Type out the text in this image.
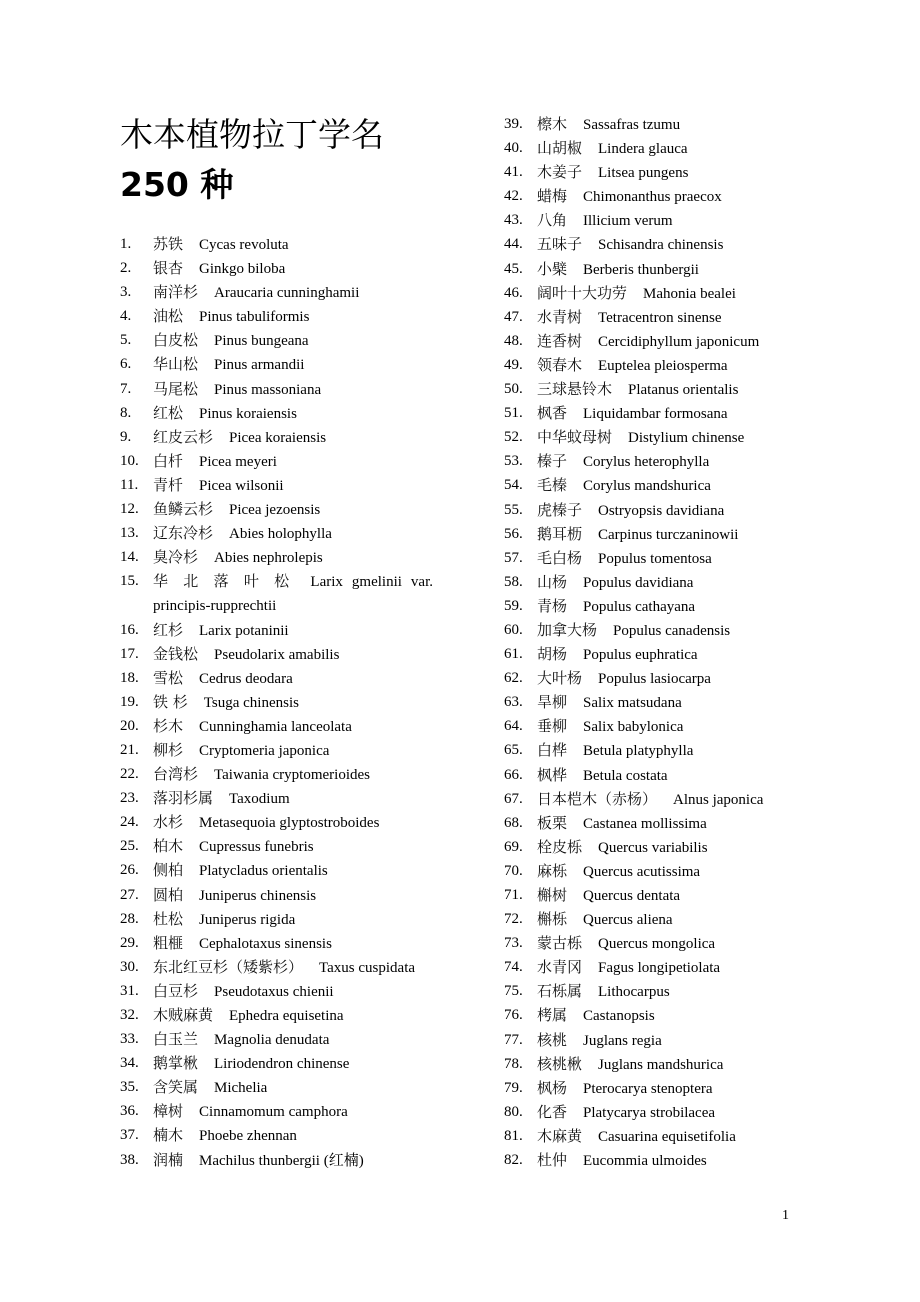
木本植物拉丁学名
250 种
1. 苏铁 Cycas revoluta
2. 银杏 Ginkgo biloba
3. 南洋杉 Araucaria cunninghamii
4. 油松 Pinus tabuliformis
5. 白皮松 Pinus bungeana
6. 华山松 Pinus armandii
7. 马尾松 Pinus massoniana
8. 红松 Pinus koraiensis
9. 红皮云杉 Picea koraiensis
10. 白杄 Picea meyeri
11. 青杄 Picea wilsonii
12. 鱼鳞云杉 Picea jezoensis
13. 辽东冷杉 Abies holophylla
14. 臭冷杉 Abies nephrolepis
15. 华 北 落 叶 松 Larix gmelinii var. principis-rupprechtii
16. 红杉 Larix potaninii
17. 金钱松 Pseudolarix amabilis
18. 雪松 Cedrus deodara
19. 铁 杉 Tsuga chinensis
20. 杉木 Cunninghamia lanceolata
21. 柳杉 Cryptomeria japonica
22. 台湾杉 Taiwania cryptomerioides
23. 落羽杉属 Taxodium
24. 水杉 Metasequoia glyptostroboides
25. 柏木 Cupressus funebris
26. 侧柏 Platycladus orientalis
27. 圆柏 Juniperus chinensis
28. 杜松 Juniperus rigida
29. 粗榧 Cephalotaxus sinensis
30. 东北红豆杉（矮紫杉） Taxus cuspidata
31. 白豆杉 Pseudotaxus chienii
32. 木贼麻黄 Ephedra equisetina
33. 白玉兰 Magnolia denudata
34. 鹅掌楸 Liriodendron chinense
35. 含笑属 Michelia
36. 樟树 Cinnamomum camphora
37. 楠木 Phoebe zhennan
38. 润楠 Machilus thunbergii (红楠)
39. 檫木 Sassafras tzumu
40. 山胡椒 Lindera glauca
41. 木姜子 Litsea pungens
42. 蜡梅 Chimonanthus praecox
43. 八角 Illicium verum
44. 五味子 Schisandra chinensis
45. 小檗 Berberis thunbergii
46. 阔叶十大功劳 Mahonia bealei
47. 水青树 Tetracentron sinense
48. 连香树 Cercidiphyllum japonicum
49. 领春木 Euptelea pleiosperma
50. 三球悬铃木 Platanus orientalis
51. 枫香 Liquidambar formosana
52. 中华蚊母树 Distylium chinense
53. 榛子 Corylus heterophylla
54. 毛榛 Corylus mandshurica
55. 虎榛子 Ostryopsis davidiana
56. 鹅耳枥 Carpinus turczaninowii
57. 毛白杨 Populus tomentosa
58. 山杨 Populus davidiana
59. 青杨 Populus cathayana
60. 加拿大杨 Populus canadensis
61. 胡杨 Populus euphratica
62. 大叶杨 Populus lasiocarpa
63. 旱柳 Salix matsudana
64. 垂柳 Salix babylonica
65. 白桦 Betula platyphylla
66. 枫桦 Betula costata
67. 日本桤木（赤杨） Alnus japonica
68. 板栗 Castanea mollissima
69. 栓皮栎 Quercus variabilis
70. 麻栎 Quercus acutissima
71. 槲树 Quercus dentata
72. 槲栎 Quercus aliena
73. 蒙古栎 Quercus mongolica
74. 水青冈 Fagus longipetiolata
75. 石栎属 Lithocarpus
76. 栲属 Castanopsis
77. 核桃 Juglans regia
78. 核桃楸 Juglans mandshurica
79. 枫杨 Pterocarya stenoptera
80. 化香 Platycarya strobilacea
81. 木麻黄 Casuarina equisetifolia
82. 杜仲 Eucommia ulmoides
1
